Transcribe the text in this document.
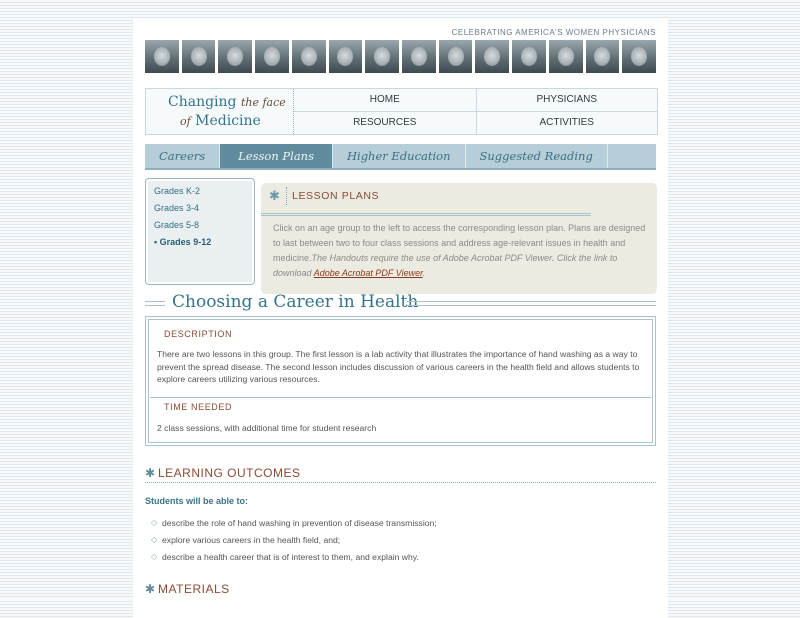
CELEBRATING AMERICA'S WOMEN PHYSICIANS
Changing the face
of Medicine
HOME	PHYSICIANS
RESOURCES	ACTIVITIES
Careers	Lesson Plans	Higher Education	Suggested Reading
Grades K-2
Grades 3-4
Grades 5-8
• Grades 9-12
✱ LESSON PLANS
Click on an age group to the left to access the corresponding lesson plan. Plans are designed to last between two to four class sessions and address age-relevant issues in health and medicine.The Handouts require the use of Adobe Acrobat PDF Viewer. Click the link to download Adobe Acrobat PDF Viewer.
Choosing a Career in Health
DESCRIPTION
There are two lessons in this group. The first lesson is a lab activity that illustrates the importance of hand washing as a way to prevent the spread disease. The second lesson includes discussion of various careers in the health field and allows students to explore careers utilizing various resources.
TIME NEEDED
2 class sessions, with additional time for student research
✱ LEARNING OUTCOMES
Students will be able to:
◇ describe the role of hand washing in prevention of disease transmission;
◇ explore various careers in the health field, and;
◇ describe a health career that is of interest to them, and explain why.
✱ MATERIALS
